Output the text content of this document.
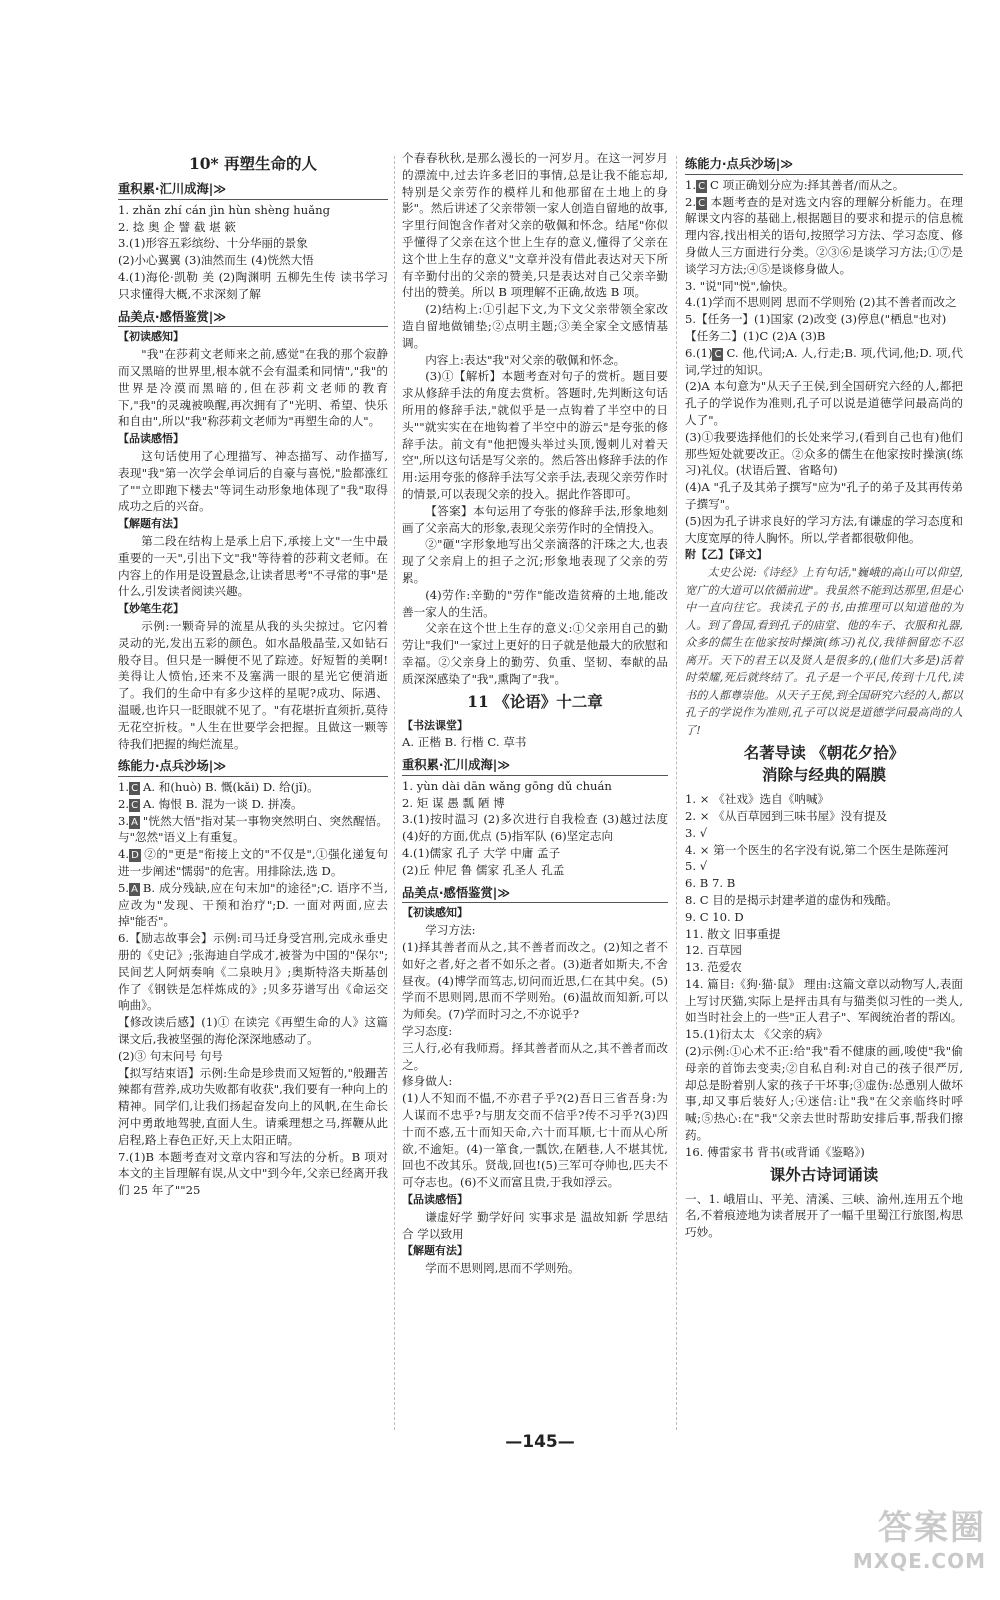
10* 再塑生命的人
重积累·汇川成海|≫

1. zhǎn zhí cán jìn hùn shèng huǎng

2. 捻 奥 企 譬 截 堪 簌

3.(1)形容五彩缤纷、十分华丽的景象
(2)小心翼翼 (3)油然而生 (4)恍然大悟

4.(1)海伦·凯勒 美 (2)陶渊明 五柳先生传 读书学习只求懂得大概,不求深刻了解

品美点·感悟鉴赏|≫
【初读感知】

"我"在莎莉文老师来之前,感觉"在我的那个寂静而又黑暗的世界里,根本就不会有温柔和同情","我"的世界是冷漠而黑暗的,但在莎莉文老师的教育下,"我"的灵魂被唤醒,再次拥有了"光明、希望、快乐和自由",所以"我"称莎莉文老师为"再塑生命的人"。

【品读感悟】

这句话使用了心理描写、神态描写、动作描写,表现"我"第一次学会单词后的自豪与喜悦,"脸都涨红了""立即跑下楼去"等词生动形象地体现了"我"取得成功之后的兴奋。

【解题有法】

第二段在结构上是承上启下,承接上文"一生中最重要的一天",引出下文"我"等待着的莎莉文老师。在内容上的作用是设置悬念,让读者思考"不寻常的事"是什么,引发读者阅读兴趣。

【妙笔生花】

示例:一颗奇异的流星从我的头尖掠过。它闪着灵动的光,发出五彩的颜色。如水晶般晶莹,又如钻石般夺目。但只是一瞬便不见了踪迹。好短暂的美啊!美得让人愤怡,还来不及塞满一眼的星光它便消逝了。我们的生命中有多少这样的星呢?成功、际遇、温暖,也许只一眨眼就不见了。"有花堪折直须折,莫待无花空折枝。"人生在世要学会把握。且做这一颗等待我们把握的绚烂流星。

练能力·点兵沙场|≫

1. C A. 和(huò) B. 慨(kǎi) D. 给(jǐ)。

2. C A. 悔恨 B. 混为一谈 D. 拼凑。

3. A "恍然大悟"指对某一事物突然明白、突然醒悟。与"忽然"语义上有重复。

4. D ②的"更是"衔接上文的"不仅是",①强化递复句进一步阐述"懦弱"的危害。用排除法,选 D。

5. A B. 成分残缺,应在句末加"的途径";C. 语序不当,应改为"发现、干预和治疗";D. 一面对两面,应去掉"能否"。

6.【励志故事会】示例:司马迁身受宫刑,完成永垂史册的《史记》;张海迪自学成才,被誉为中国的"保尔";民间艺人阿炳奏响《二泉映月》;奥斯特洛夫斯基创作了《钢铁是怎样炼成的》;贝多芬谱写出《命运交响曲》。

【修改读后感】(1)① 在读完《再塑生命的人》这篇课文后,我被坚强的海伦深深地感动了。

(2)③ 句末问号 句号

【拟写结束语】示例:生命是珍贵而又短暂的,"般跚苦辣都有营养,成功失败都有收获",我们要有一种向上的精神。同学们,让我们扬起奋发向上的风帆,在生命长河中勇敢地驾驶,直面人生。请乘理想之马,挥鞭从此启程,路上春色正好,天上太阳正晴。

7.(1)B 本题考查对文章内容和写法的分析。B 项对本文的主旨理解有误,从文中"到今年,父亲已经离开我们 25 年了""25

个春春秋秋,是那么漫长的一河岁月。在这一河岁月的漂流中,过去许多老旧的事情,总是让我不能忘却,特别是父亲劳作的模样儿和他那留在土地上的身影"。然后讲述了父亲带领一家人创造自留地的故事,字里行间饱含作者对父亲的敬佩和怀念。结尾"你似乎懂得了父亲在这个世上生存的意义,懂得了父亲在这个世上生存的意义"文章并没有借此表达对天下所有辛勤付出的父亲的赞美,只是表达对自己父亲辛勤付出的赞美。所以 B 项理解不正确,故选 B 项。

(2)结构上:①引起下文,为下文父亲带领全家改造自留地做铺垫;②点明主题;③美全家全文感情基调。

内容上:表达"我"对父亲的敬佩和怀念。

(3)①【解析】本题考查对句子的赏析。题目要求从修辞手法的角度去赏析。答题时,先判断这句话所用的修辞手法,"就似乎是一点钩着了半空中的日头""就实实在在地钩着了半空中的游云"是夸张的修辞手法。前文有"他把馒头举过头顶,馒刺儿对着天空",所以这句话是写父亲的。然后答出修辞手法的作用:运用夸张的修辞手法写父亲手法,表现父亲劳作时的情景,可以表现父亲的投入。据此作答即可。

【答案】本句运用了夸张的修辞手法,形象地刻画了父亲高大的形象,表现父亲劳作时的全情投入。

②"砸"字形象地写出父亲滴落的汗珠之大,也表现了父亲肩上的担子之沉;形象地表现了父亲的劳累。

(4)劳作:辛勤的"劳作"能改造贫瘠的土地,能改善一家人的生活。

父亲在这个世上生存的意义:①父亲用自己的勤劳让"我们"一家过上更好的日子就是他最大的欣慰和幸福。②父亲身上的勤劳、负重、坚韧、奉献的品质深深感染了"我",熏陶了"我"。

11 《论语》十二章
【书法课堂】

A. 正楷 B. 行楷 C. 草书

重积累·汇川成海|≫

1. yùn dài dān wǎng gōng dǔ chuán

2. 矩 谋 愚 瓢 陋 博

3.(1)按时温习 (2)多次进行自我检查 (3)越过法度 (4)好的方面,优点 (5)指军队 (6)坚定志向

4.(1)儒家 孔子 大学 中庸 孟子
(2)丘 仲尼 鲁 儒家 孔圣人 孔孟

品美点·感悟鉴赏|≫
【初读感知】

学习方法:
(1)择其善者而从之,其不善者而改之。(2)知之者不如好之者,好之者不如乐之者。(3)逝者如斯夫,不舍昼夜。(4)博学而笃志,切问而近思,仁在其中矣。(5)学而不思则罔,思而不学则殆。(6)温故而知新,可以为师矣。(7)学而时习之,不亦说乎?
学习态度:
三人行,必有我师焉。择其善者而从之,其不善者而改之。
修身做人:
(1)人不知而不愠,不亦君子乎?(2)吾日三省吾身:为人谋而不忠乎?与朋友交而不信乎?传不习乎?(3)四十而不惑,五十而知天命,六十而耳顺,七十而从心所欲,不逾矩。(4)一箪食,一瓢饮,在陋巷,人不堪其忧,回也不改其乐。贤哉,回也!(5)三军可夺帅也,匹夫不可夺志也。(6)不义而富且贵,于我如浮云。

【品读感悟】

谦虚好学 勤学好问 实事求是 温故知新 学思结合 学以致用

【解题有法】

学而不思则罔,思而不学则殆。

练能力·点兵沙场|≫

1. C C 项正确划分应为:择其善者/而从之。

2. C 本题考查的是对选文内容的理解分析能力。在理解课文内容的基础上,根据题目的要求和提示的信息梳理内容,找出相关的语句,按照学习方法、学习态度、修身做人三方面进行分类。②③⑥是谈学习方法;①⑦是谈学习方法;④⑤是谈修身做人。

3. "说"同"悦",愉快。

4.(1)学而不思则罔 思而不学则殆 (2)其不善者而改之

5.【任务一】(1)国家 (2)改变 (3)停息("栖息"也对)

【任务二】(1)C (2)A (3)B

6.(1) C C. 他,代词;A. 人,行走;B. 项,代词,他;D. 项,代词,学过的知识。

(2)A 本句意为"从天子王侯,到全国研究六经的人,都把孔子的学说作为准则,孔子可以说是道德学问最高尚的人了"。

(3)①我要选择他们的长处来学习,(看到自己也有)他们那些短处就要改正。②众多的儒生在他家按时操演(练习)礼仪。(状语后置、省略句)

(4)A "孔子及其弟子撰写"应为"孔子的弟子及其再传弟子撰写"。

(5)因为孔子讲求良好的学习方法,有谦虚的学习态度和大度宽厚的待人胸怀。所以,学者都很敬仰他。

附【乙】【译文】

太史公说:《诗经》上有句话,"巍峨的高山可以仰望,宽广的大道可以依循前进"。我虽然不能到达那里,但是心中一直向往它。我读孔子的书,由推理可以知道他的为人。到了鲁国,看到孔子的庙堂、他的车子、衣服和礼器,众多的儒生在他家按时操演(练习)礼仪,我徘徊留恋不忍离开。天下的君王以及贤人是很多的,(他们大多是)活着时荣耀,死后就终结了。孔子是一个平民,传到十几代,读书的人都尊崇他。从天子王侯,到全国研究六经的人,都以孔子的学说作为准则,孔子可以说是道德学问最高尚的人了!

名著导读 《朝花夕拾》
消除与经典的隔膜

1. × 《社戏》选自《呐喊》

2. × 《从百草园到三味书屋》没有提及

3. √

4. × 第一个医生的名字没有说,第二个医生是陈莲河

5. √

6. B 7. B

8. C 目的是揭示封建孝道的虚伪和残酷。

9. C 10. D

11. 散文 旧事重提

12. 百草园

13. 范爱农

14. 篇目:《狗·猫·鼠》 理由:这篇文章以动物写人,表面上写讨厌猫,实际上是抨击具有与猫类似习性的一类人,如当时社会上的一些"正人君子"、军阀统治者的帮凶。

15.(1)衍太太 《父亲的病》
(2)示例:①心术不正:给"我"看不健康的画,唆使"我"偷母亲的首饰去变卖;②自私自利:对自己的孩子很严厉,却总是盼着别人家的孩子干坏事;③虚伪:怂恿别人做坏事,却又事后装好人;④迷信:让"我"在父亲临终时呼喊;⑤热心:在"我"父亲去世时帮助安排后事,帮我们擦药。

16. 傅雷家书 背书(或背诵《鉴略》)

课外古诗词诵读

一、1. 峨眉山、平羌、清溪、三峡、渝州,连用五个地名,不着痕迹地为读者展开了一幅千里蜀江行旅图,构思巧妙。

—145—
答案圈
MXQE.COM
